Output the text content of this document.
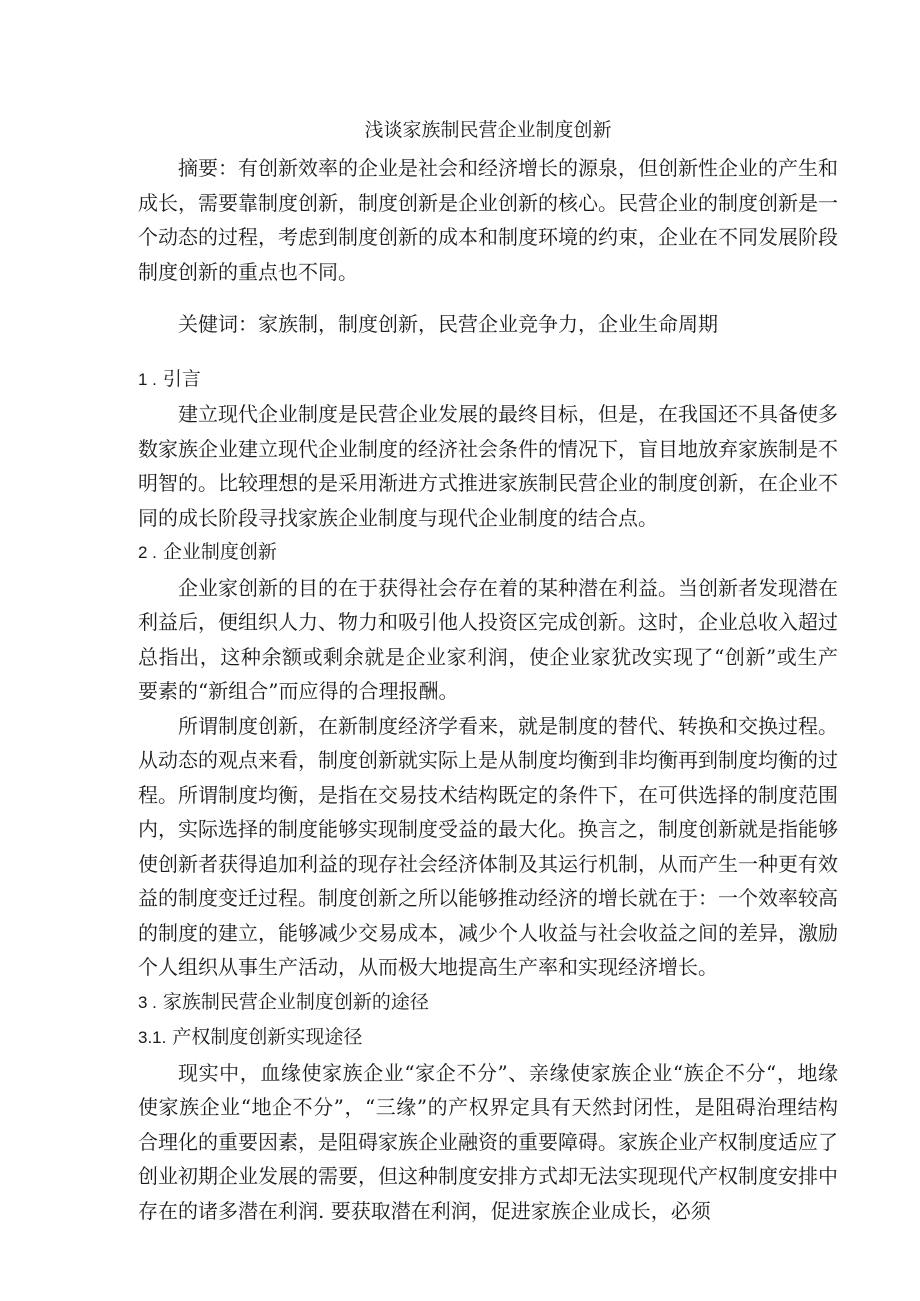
浅谈家族制民营企业制度创新

摘要：有创新效率的企业是社会和经济增长的源泉，但创新性企业的产生和成长，需要靠制度创新，制度创新是企业创新的核心。民营企业的制度创新是一个动态的过程，考虑到制度创新的成本和制度环境的约束，企业在不同发展阶段制度创新的重点也不同。

关健词：家族制，制度创新，民营企业竞争力，企业生命周期

1 . 引言

建立现代企业制度是民营企业发展的最终目标，但是，在我国还不具备使多数家族企业建立现代企业制度的经济社会条件的情况下，盲目地放弃家族制是不明智的。比较理想的是采用渐进方式推进家族制民营企业的制度创新，在企业不同的成长阶段寻找家族企业制度与现代企业制度的结合点。

2 . 企业制度创新

企业家创新的目的在于获得社会存在着的某种潜在利益。当创新者发现潜在利益后，便组织人力、物力和吸引他人投资区完成创新。这时，企业总收入超过总指出，这种余额或剩余就是企业家利润，使企业家犹改实现了“创新”或生产要素的“新组合”而应得的合理报酬。

所谓制度创新，在新制度经济学看来，就是制度的替代、转换和交换过程。从动态的观点来看，制度创新就实际上是从制度均衡到非均衡再到制度均衡的过程。所谓制度均衡，是指在交易技术结构既定的条件下，在可供选择的制度范围内，实际选择的制度能够实现制度受益的最大化。换言之，制度创新就是指能够使创新者获得追加利益的现存社会经济体制及其运行机制，从而产生一种更有效益的制度变迁过程。制度创新之所以能够推动经济的增长就在于：一个效率较高的制度的建立，能够减少交易成本，减少个人收益与社会收益之间的差异，激励个人组织从事生产活动，从而极大地提高生产率和实现经济增长。

3 . 家族制民营企业制度创新的途径
3.1. 产权制度创新实现途径

现实中，血缘使家族企业“家企不分”、亲缘使家族企业“族企不分“，地缘使家族企业“地企不分”，“三缘”的产权界定具有天然封闭性，是阻碍治理结构合理化的重要因素，是阻碍家族企业融资的重要障碍。家族企业产权制度适应了创业初期企业发展的需要，但这种制度安排方式却无法实现现代产权制度安排中存在的诸多潜在利润. 要获取潜在利润，促进家族企业成长，必须
